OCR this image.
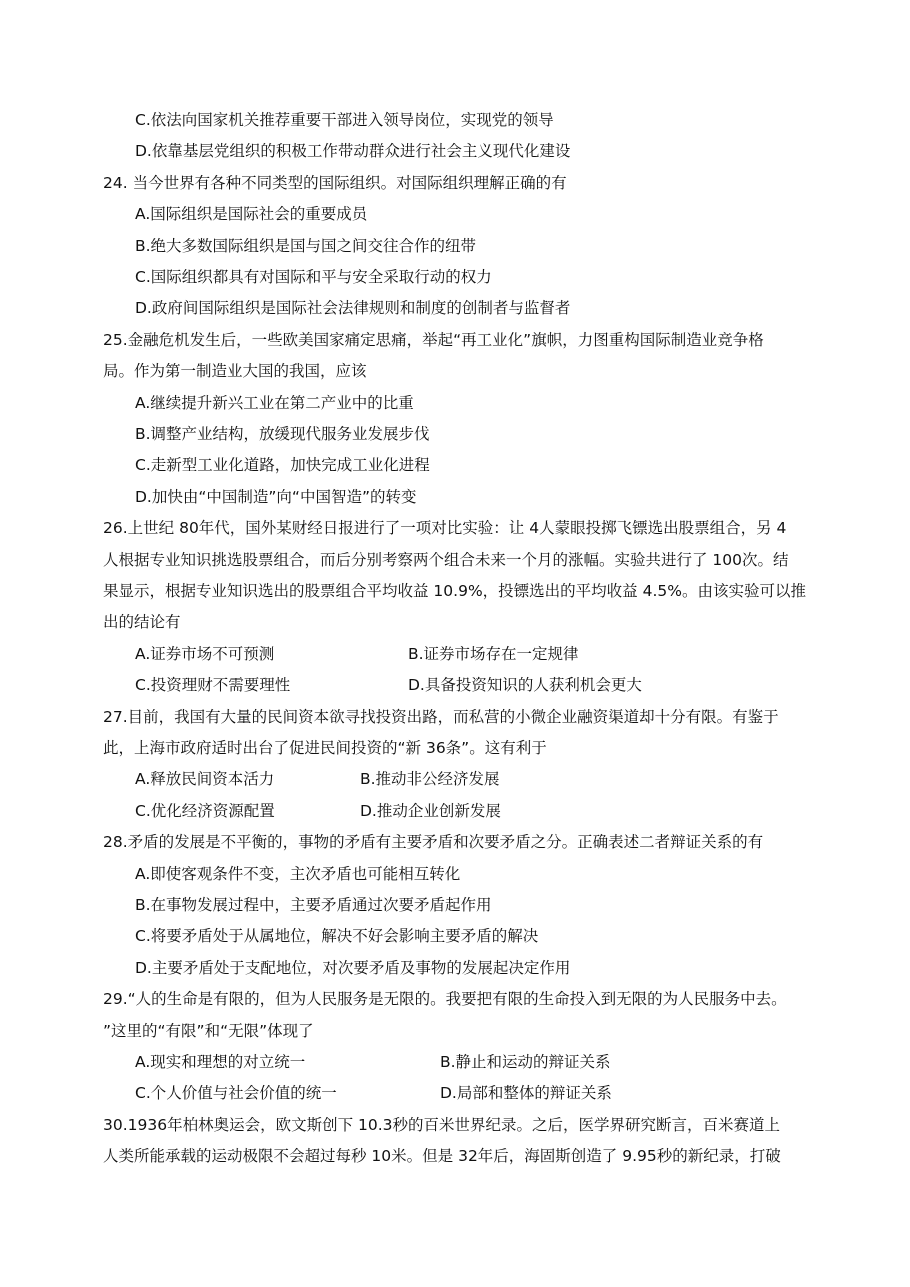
C.依法向国家机关推荐重要干部进入领导岗位，实现党的领导
D.依靠基层党组织的积极工作带动群众进行社会主义现代化建设
24. 当今世界有各种不同类型的国际组织。对国际组织理解正确的有
A.国际组织是国际社会的重要成员
B.绝大多数国际组织是国与国之间交往合作的纽带
C.国际组织都具有对国际和平与安全采取行动的权力
D.政府间国际组织是国际社会法律规则和制度的创制者与监督者
25.金融危机发生后，一些欧美国家痛定思痛，举起“再工业化”旗帜，力图重构国际制造业竞争格
局。作为第一制造业大国的我国，应该
A.继续提升新兴工业在第二产业中的比重
B.调整产业结构，放缓现代服务业发展步伐
C.走新型工业化道路，加快完成工业化进程
D.加快由“中国制造”向“中国智造”的转变
26.上世纪 80年代，国外某财经日报进行了一项对比实验：让 4人蒙眼投掷飞镖选出股票组合，另 4
人根据专业知识挑选股票组合，而后分别考察两个组合未来一个月的涨幅。实验共进行了 100次。结
果显示，根据专业知识选出的股票组合平均收益 10.9%，投镖选出的平均收益 4.5%。由该实验可以推
出的结论有
A.证券市场不可预测	B.证券市场存在一定规律
C.投资理财不需要理性	D.具备投资知识的人获利机会更大
27.目前，我国有大量的民间资本欲寻找投资出路，而私营的小微企业融资渠道却十分有限。有鉴于
此，上海市政府适时出台了促进民间投资的“新 36条”。这有利于
A.释放民间资本活力	B.推动非公经济发展
C.优化经济资源配置	D.推动企业创新发展
28.矛盾的发展是不平衡的，事物的矛盾有主要矛盾和次要矛盾之分。正确表述二者辩证关系的有
A.即使客观条件不变，主次矛盾也可能相互转化
B.在事物发展过程中，主要矛盾通过次要矛盾起作用
C.将要矛盾处于从属地位，解决不好会影响主要矛盾的解决
D.主要矛盾处于支配地位，对次要矛盾及事物的发展起决定作用
29.“人的生命是有限的，但为人民服务是无限的。我要把有限的生命投入到无限的为人民服务中去。
”这里的“有限”和“无限”体现了
A.现实和理想的对立统一	B.静止和运动的辩证关系
C.个人价值与社会价值的统一	D.局部和整体的辩证关系
30.1936年柏林奥运会，欧文斯创下 10.3秒的百米世界纪录。之后，医学界研究断言，百米赛道上
人类所能承载的运动极限不会超过每秒 10米。但是 32年后，海固斯创造了 9.95秒的新纪录，打破
